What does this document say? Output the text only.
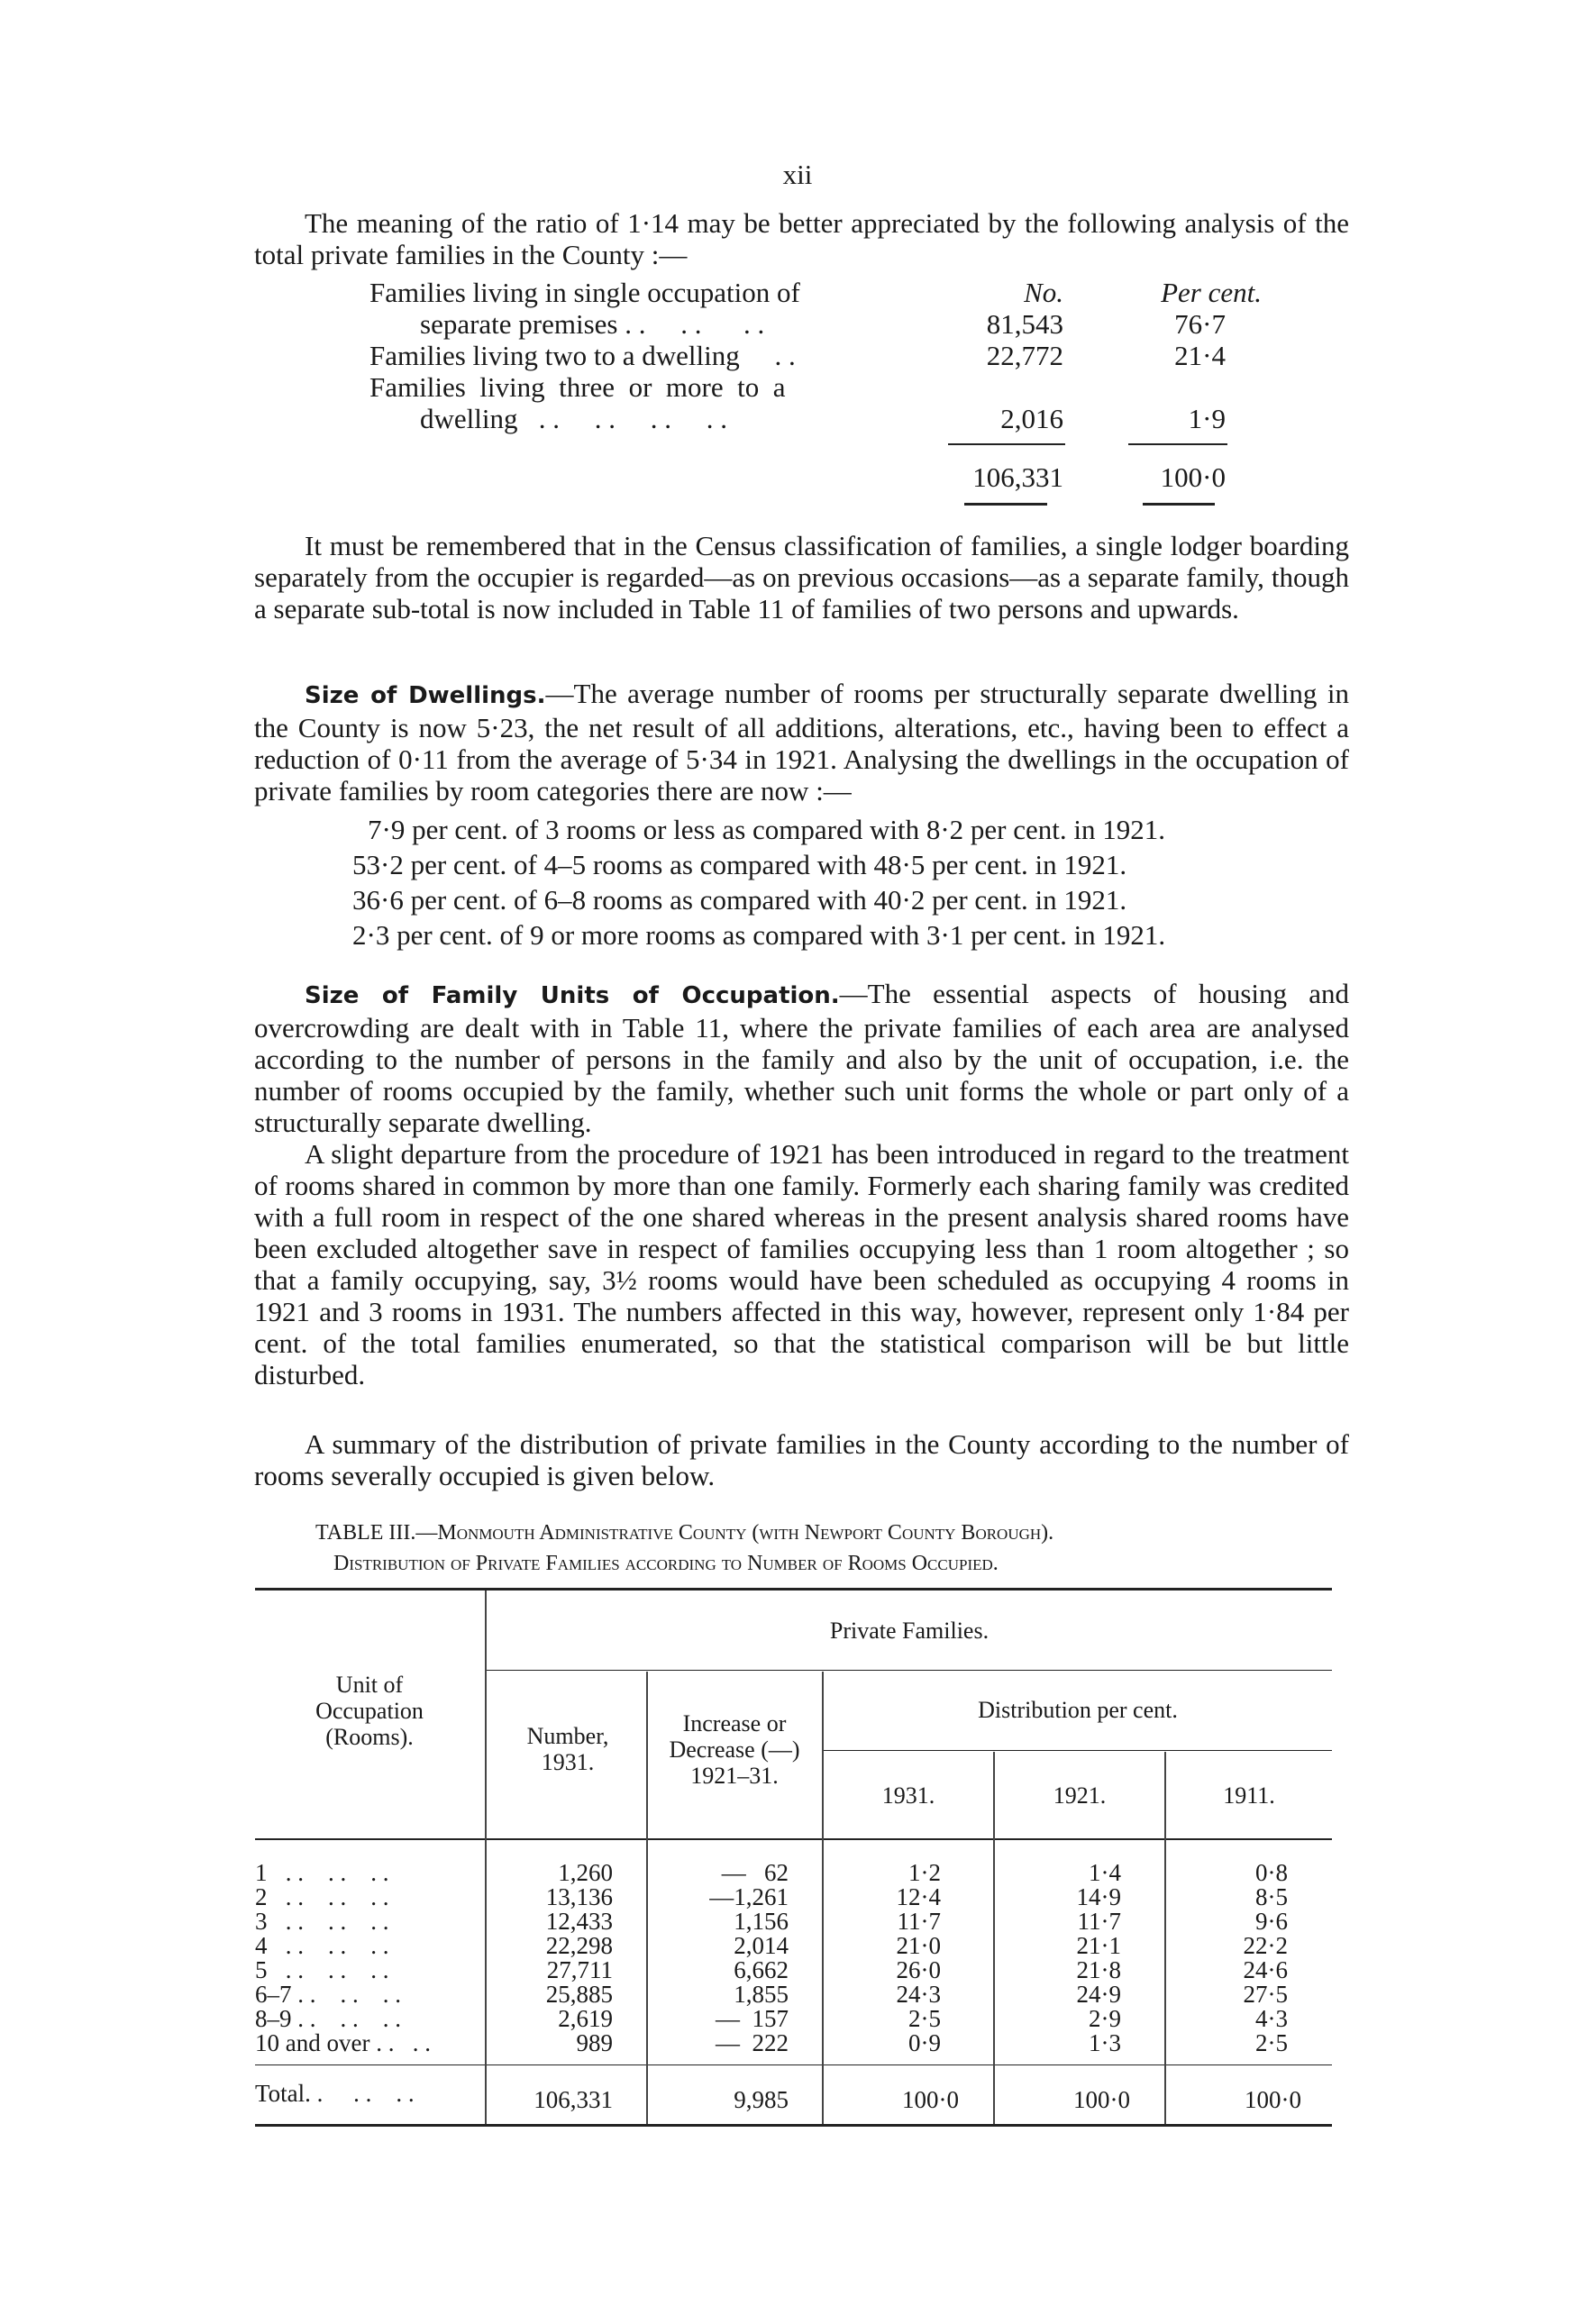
xii
The meaning of the ratio of 1·14 may be better appreciated by the following analysis of the total private families in the County :—
No.	Per cent.
Families living in single occupation of
separate premises . .     . .      . .	81,543	76·7
Families living two to a dwelling     . .	22,772	21·4
Families  living  three  or  more  to  a
dwelling   . .     . .     . .     . .	2,016	1·9
106,331	100·0
It must be remembered that in the Census classification of families, a single lodger boarding separately from the occupier is regarded—as on previous occasions—as a separate family, though a separate sub-total is now included in Table 11 of families of two persons and upwards.
Size of Dwellings.—The average number of rooms per structurally separate dwelling in the County is now 5·23, the net result of all additions, alterations, etc., having been to effect a reduction of 0·11 from the average of 5·34 in 1921. Analysing the dwellings in the occupation of private families by room categories there are now :—
7·9 per cent. of 3 rooms or less as compared with 8·2 per cent. in 1921.
53·2 per cent. of 4–5 rooms as compared with 48·5 per cent. in 1921.
36·6 per cent. of 6–8 rooms as compared with 40·2 per cent. in 1921.
2·3 per cent. of 9 or more rooms as compared with 3·1 per cent. in 1921.
Size of Family Units of Occupation.—The essential aspects of housing and overcrowding are dealt with in Table 11, where the private families of each area are analysed according to the number of persons in the family and also by the unit of occupation, i.e. the number of rooms occupied by the family, whether such unit forms the whole or part only of a structurally separate dwelling.
A slight departure from the procedure of 1921 has been introduced in regard to the treatment of rooms shared in common by more than one family. Formerly each sharing family was credited with a full room in respect of the one shared whereas in the present analysis shared rooms have been excluded altogether save in respect of families occupying less than 1 room altogether ; so that a family occupying, say, 3½ rooms would have been scheduled as occupying 4 rooms in 1921 and 3 rooms in 1931. The numbers affected in this way, however, represent only 1·84 per cent. of the total families enumerated, so that the statistical comparison will be but little disturbed.
A summary of the distribution of private families in the County according to the number of rooms severally occupied is given below.
TABLE III.—Monmouth Administrative County (with Newport County Borough).
Distribution of Private Families according to Number of Rooms Occupied.
Unit of Occupation (Rooms).
Private Families.
Number, 1931.
Increase or Decrease (—) 1921–31.
Distribution per cent.
1931.	1921.	1911.
1   . .    . .    . .	1,260	—   62	1·2	1·4	0·8
2   . .    . .    . .	13,136	—1,261	12·4	14·9	8·5
3   . .    . .    . .	12,433	1,156	11·7	11·7	9·6
4   . .    . .    . .	22,298	2,014	21·0	21·1	22·2
5   . .    . .    . .	27,711	6,662	26·0	21·8	24·6
6–7 . .    . .    . .	25,885	1,855	24·3	24·9	27·5
8–9 . .    . .    . .	2,619	—  157	2·5	2·9	4·3
10 and over . .   . .	989	—  222	0·9	1·3	2·5
Total. .     . .    . .	106,331	9,985	100·0	100·0	100·0
